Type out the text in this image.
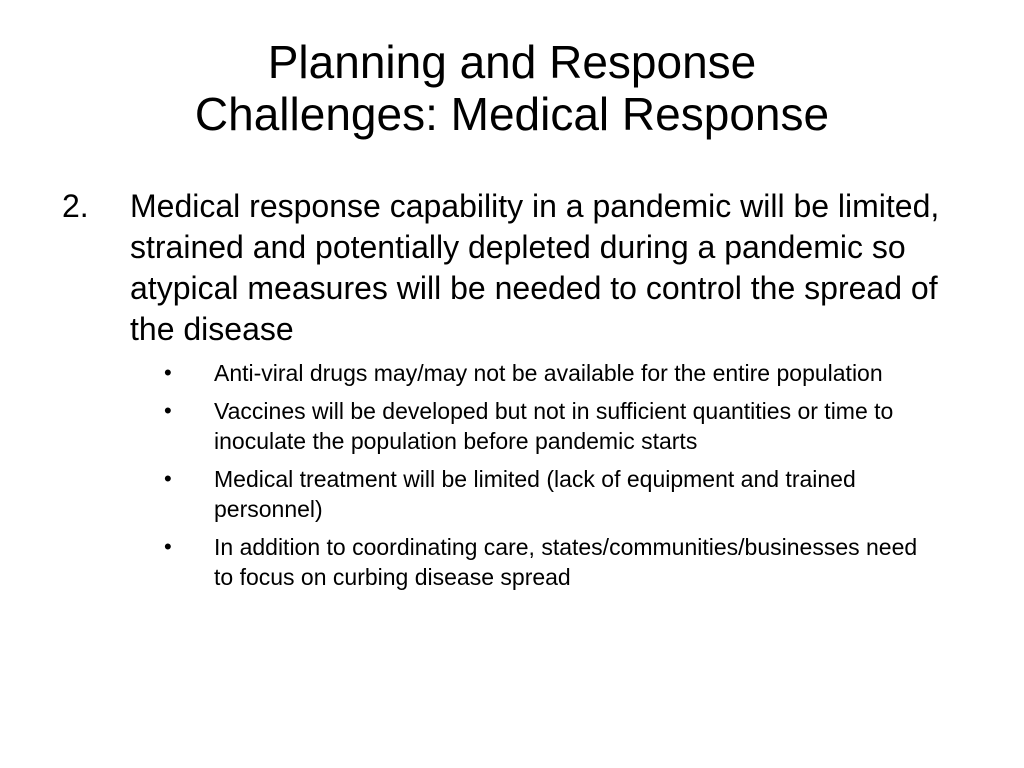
Planning and Response
Challenges: Medical Response
2.	Medical response capability in a pandemic will be limited, strained and potentially depleted during a pandemic so atypical measures will be needed to control the spread of the disease
•	Anti-viral drugs may/may not be available for the entire population
•	Vaccines will be developed but not in sufficient quantities or time to inoculate the population before pandemic starts
•	Medical treatment will be limited (lack of equipment and trained personnel)
•	In addition to coordinating care, states/communities/businesses need to focus on curbing disease spread
